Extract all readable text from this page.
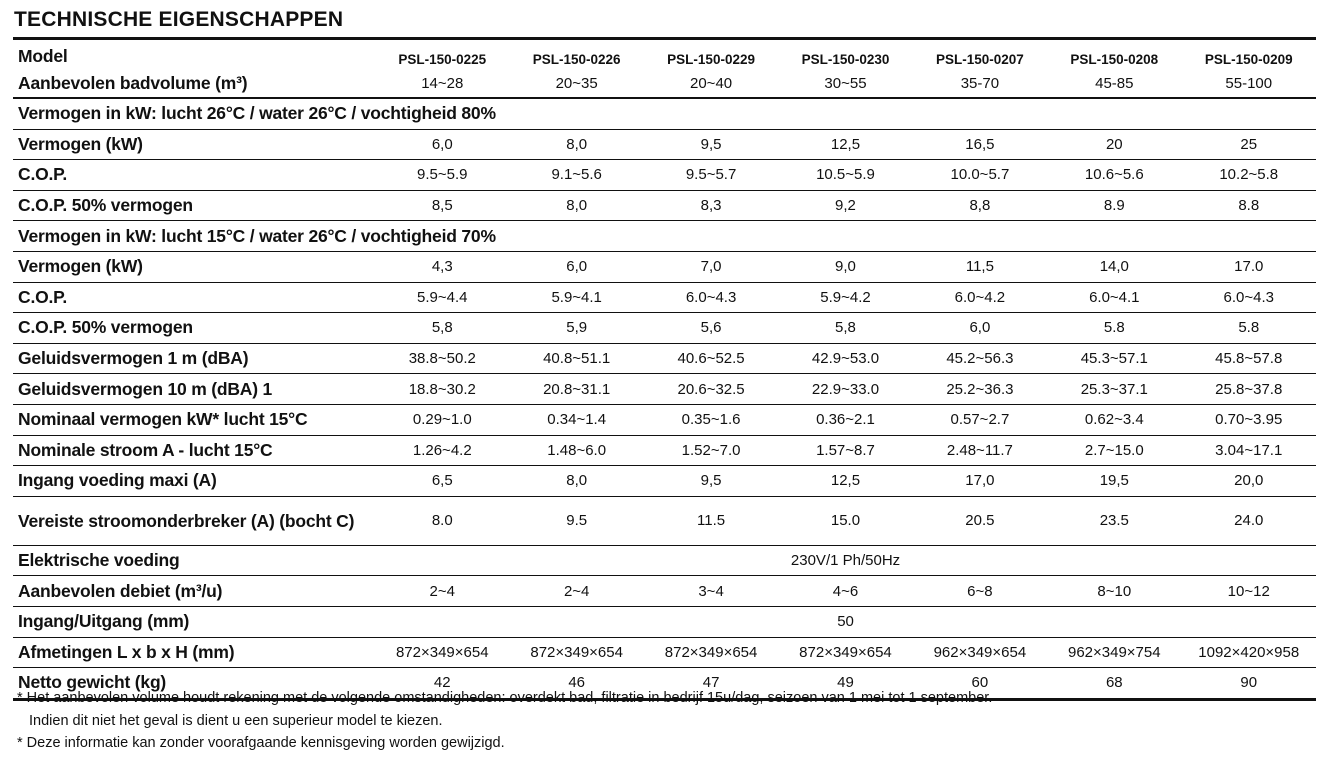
TECHNISCHE EIGENSCHAPPEN
Model	PSL-150-0225	PSL-150-0226	PSL-150-0229	PSL-150-0230	PSL-150-0207	PSL-150-0208	PSL-150-0209
Aanbevolen badvolume (m³)	14~28	20~35	20~40	30~55	35-70	45-85	55-100
Vermogen in kW: lucht 26°C / water 26°C / vochtigheid 80%							
Vermogen (kW)	6,0	8,0	9,5	12,5	16,5	20	25
C.O.P.	9.5~5.9	9.1~5.6	9.5~5.7	10.5~5.9	10.0~5.7	10.6~5.6	10.2~5.8
C.O.P. 50% vermogen	8,5	8,0	8,3	9,2	8,8	8.9	8.8
Vermogen in kW: lucht 15°C / water 26°C / vochtigheid 70%							
Vermogen (kW)	4,3	6,0	7,0	9,0	11,5	14,0	17.0
C.O.P.	5.9~4.4	5.9~4.1	6.0~4.3	5.9~4.2	6.0~4.2	6.0~4.1	6.0~4.3
C.O.P. 50% vermogen	5,8	5,9	5,6	5,8	6,0	5.8	5.8
Geluidsvermogen 1 m (dBA)	38.8~50.2	40.8~51.1	40.6~52.5	42.9~53.0	45.2~56.3	45.3~57.1	45.8~57.8
Geluidsvermogen 10 m (dBA) 1	18.8~30.2	20.8~31.1	20.6~32.5	22.9~33.0	25.2~36.3	25.3~37.1	25.8~37.8
Nominaal vermogen kW* lucht 15°C	0.29~1.0	0.34~1.4	0.35~1.6	0.36~2.1	0.57~2.7	0.62~3.4	0.70~3.95
Nominale stroom A - lucht 15°C	1.26~4.2	1.48~6.0	1.52~7.0	1.57~8.7	2.48~11.7	2.7~15.0	3.04~17.1
Ingang voeding maxi (A)	6,5	8,0	9,5	12,5	17,0	19,5	20,0
Vereiste stroomonderbreker (A) (bocht C)	8.0	9.5	11.5	15.0	20.5	23.5	24.0
Elektrische voeding	230V/1 Ph/50Hz						
Aanbevolen debiet (m³/u)	2~4	2~4	3~4	4~6	6~8	8~10	10~12
Ingang/Uitgang (mm)	50						
Afmetingen L x b x H (mm)	872×349×654	872×349×654	872×349×654	872×349×654	962×349×654	962×349×754	1092×420×958
Netto gewicht (kg)	42	46	47	49	60	68	90
* Het aanbevolen volume houdt rekening met de volgende omstandigheden: overdekt bad, filtratie in bedrijf 15u/dag, seizoen van 1 mei tot 1 september.
Indien dit niet het geval is dient u een superieur model te kiezen.
* Deze informatie kan zonder voorafgaande kennisgeving worden gewijzigd.
